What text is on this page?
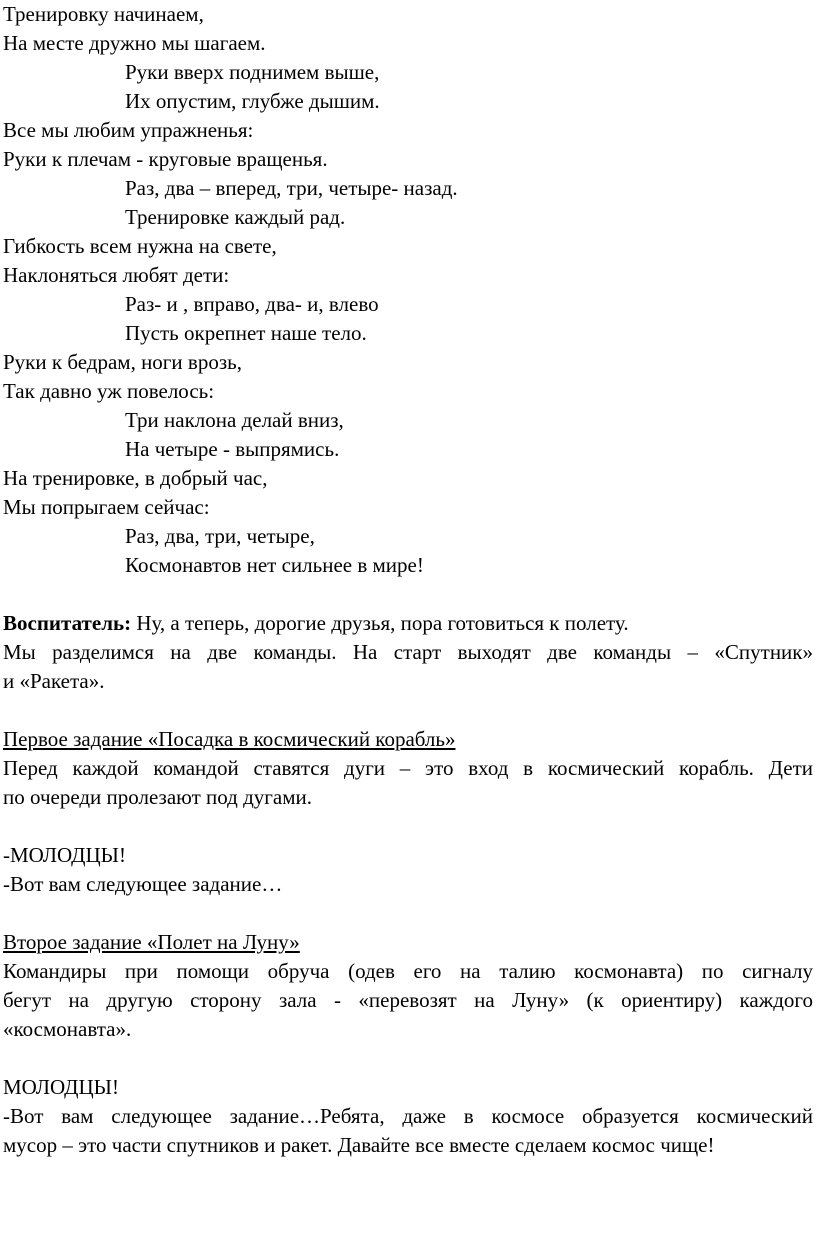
Тренировку начинаем,
На месте дружно мы шагаем.
Руки вверх поднимем выше,
Их опустим, глубже дышим.
Все мы любим упражненья:
Руки к плечам - круговые вращенья.
Раз, два – вперед, три, четыре- назад.
Тренировке каждый рад.
Гибкость всем нужна на свете,
Наклоняться любят дети:
Раз- и , вправо, два- и, влево
Пусть окрепнет наше тело.
Руки к бедрам, ноги врозь,
Так давно уж повелось:
Три наклона делай вниз,
На четыре - выпрямись.
На тренировке, в добрый час,
Мы попрыгаем сейчас:
Раз, два, три, четыре,
Космонавтов нет сильнее в мире!
Воспитатель: Ну, а теперь, дорогие друзья, пора готовиться к полету.
Мы разделимся на две команды. На старт выходят две команды – «Спутник»
и «Ракета».
Первое задание «Посадка в космический корабль»
Перед каждой командой ставятся дуги – это вход в космический корабль. Дети
по очереди пролезают под дугами.
-МОЛОДЦЫ!
-Вот вам следующее задание…
Второе задание «Полет на Луну»
Командиры при помощи обруча (одев его на талию космонавта) по сигналу
бегут на другую сторону зала - «перевозят на Луну» (к ориентиру) каждого
«космонавта».
МОЛОДЦЫ!
-Вот вам следующее задание…Ребята, даже в космосе образуется космический
мусор – это части спутников и ракет. Давайте все вместе сделаем космос чище!
